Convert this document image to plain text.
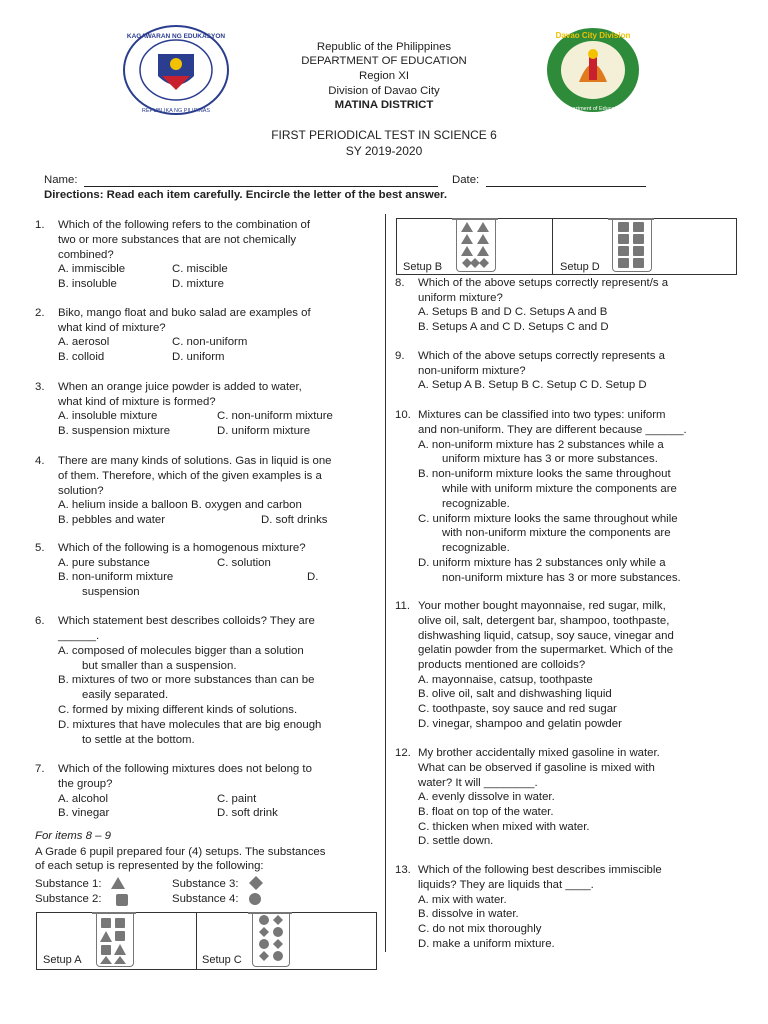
KAGAWARAN NG EDUKASYON
REPUBLIKA NG PILIPINAS
Davao City Division
Department of Education
Republic of the Philippines
DEPARTMENT OF EDUCATION
Region XI
Division of Davao City
MATINA DISTRICT
FIRST PERIODICAL TEST IN SCIENCE 6
SY 2019-2020
Name:	Date:
Directions: Read each item carefully. Encircle the letter of the best answer.
1. Which of the following refers to the combination of
two or more substances that are not chemically
combined?
A. immiscible	C. miscible
B. insoluble	D. mixture
2. Biko, mango float and buko salad are examples of
what kind of mixture?
A. aerosol	C. non-uniform
B. colloid	D. uniform
3. When an orange juice powder is added to water,
what kind of mixture is formed?
A. insoluble mixture	C. non-uniform mixture
B. suspension mixture	D. uniform mixture
4. There are many kinds of solutions. Gas in liquid is one
of them. Therefore, which of the given examples is a
solution?
A. helium inside a balloon B. oxygen and carbon
B. pebbles and water	D. soft drinks
5. Which of the following is a homogenous mixture?
A. pure substance	C. solution
B. non-uniform mixture	D.
suspension
6. Which statement best describes colloids? They are
______.
A. composed of molecules bigger than a solution
but smaller than a suspension.
B. mixtures of two or more substances than can be
easily separated.
C. formed by mixing different kinds of solutions.
D. mixtures that have molecules that are big enough
to settle at the bottom.
7. Which of the following mixtures does not belong to
the group?
A. alcohol	C. paint
B. vinegar	D. soft drink
For items 8 – 9
A Grade 6 pupil prepared four (4) setups. The substances
of each setup is represented by the following:
Substance 1:
Substance 2:
Substance 3:
Substance 4:
Setup A	Setup C
Setup B	Setup D
8. Which of the above setups correctly represent/s a
uniform mixture?
A. Setups B and D C. Setups A and B
B. Setups A and C D. Setups C and D
9. Which of the above setups correctly represents a
non-uniform mixture?
A. Setup A B. Setup B C. Setup C D. Setup D
10. Mixtures can be classified into two types: uniform
and non-uniform. They are different because ______.
A. non-uniform mixture has 2 substances while a
uniform mixture has 3 or more substances.
B. non-uniform mixture looks the same throughout
while with uniform mixture the components are
recognizable.
C. uniform mixture looks the same throughout while
with non-uniform mixture the components are
recognizable.
D. uniform mixture has 2 substances only while a
non-uniform mixture has 3 or more substances.
11. Your mother bought mayonnaise, red sugar, milk,
olive oil, salt, detergent bar, shampoo, toothpaste,
dishwashing liquid, catsup, soy sauce, vinegar and
gelatin powder from the supermarket. Which of the
products mentioned are colloids?
A. mayonnaise, catsup, toothpaste
B. olive oil, salt and dishwashing liquid
C. toothpaste, soy sauce and red sugar
D. vinegar, shampoo and gelatin powder
12. My brother accidentally mixed gasoline in water.
What can be observed if gasoline is mixed with
water? It will ________.
A. evenly dissolve in water.
B. float on top of the water.
C. thicken when mixed with water.
D. settle down.
13. Which of the following best describes immiscible
liquids? They are liquids that ____.
A. mix with water.
B. dissolve in water.
C. do not mix thoroughly
D. make a uniform mixture.
